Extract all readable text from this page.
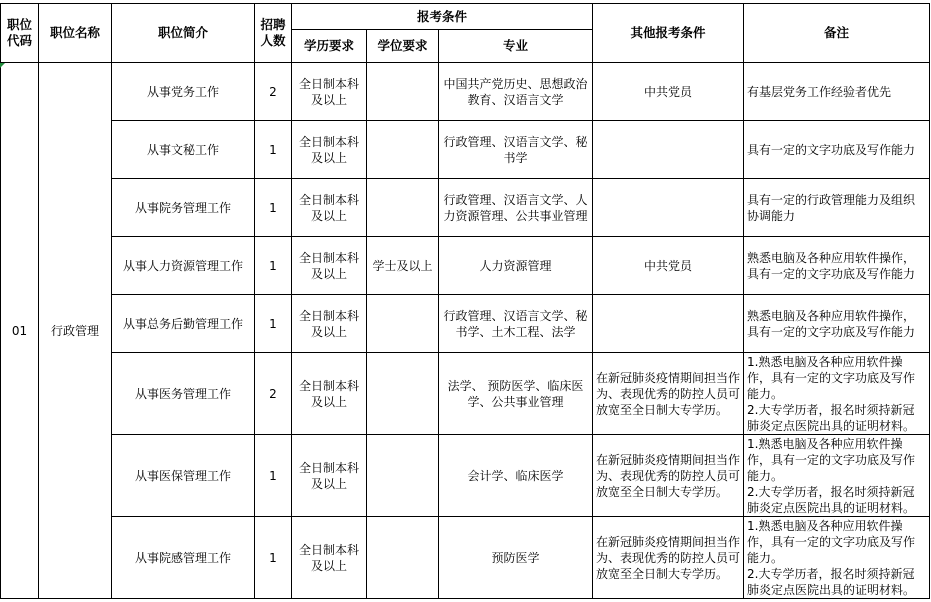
职位代码	职位名称	职位简介	招聘人数	报考条件			其他报考条件	备注
				学历要求	学位要求	专业		
01	行政管理	从事党务工作	2	全日制本科及以上		中国共产党历史、思想政治教育、汉语言文学	中共党员	有基层党务工作经验者优先
		从事文秘工作	1	全日制本科及以上		行政管理、汉语言文学、秘书学		具有一定的文字功底及写作能力
		从事院务管理工作	1	全日制本科及以上		行政管理、汉语言文学、人力资源管理、公共事业管理		具有一定的行政管理能力及组织协调能力
		从事人力资源管理工作	1	全日制本科及以上	学士及以上	人力资源管理	中共党员	熟悉电脑及各种应用软件操作，具有一定的文字功底及写作能力
		从事总务后勤管理工作	1	全日制本科及以上		行政管理、汉语言文学、秘书学、土木工程、法学		熟悉电脑及各种应用软件操作，具有一定的文字功底及写作能力
		从事医务管理工作	2	全日制本科及以上		法学、 预防医学、临床医学、公共事业管理	在新冠肺炎疫情期间担当作为、表现优秀的防控人员可放宽至全日制大专学历。	1.熟悉电脑及各种应用软件操作，具有一定的文字功底及写作能力。
2.大专学历者，报名时须持新冠肺炎定点医院出具的证明材料。
		从事医保管理工作	1	全日制本科及以上		会计学、临床医学	在新冠肺炎疫情期间担当作为、表现优秀的防控人员可放宽至全日制大专学历。	1.熟悉电脑及各种应用软件操作，具有一定的文字功底及写作能力。
2.大专学历者，报名时须持新冠肺炎定点医院出具的证明材料。
		从事院感管理工作	1	全日制本科及以上		预防医学	在新冠肺炎疫情期间担当作为、表现优秀的防控人员可放宽至全日制大专学历。	1.熟悉电脑及各种应用软件操作，具有一定的文字功底及写作能力。
2.大专学历者，报名时须持新冠肺炎定点医院出具的证明材料。
